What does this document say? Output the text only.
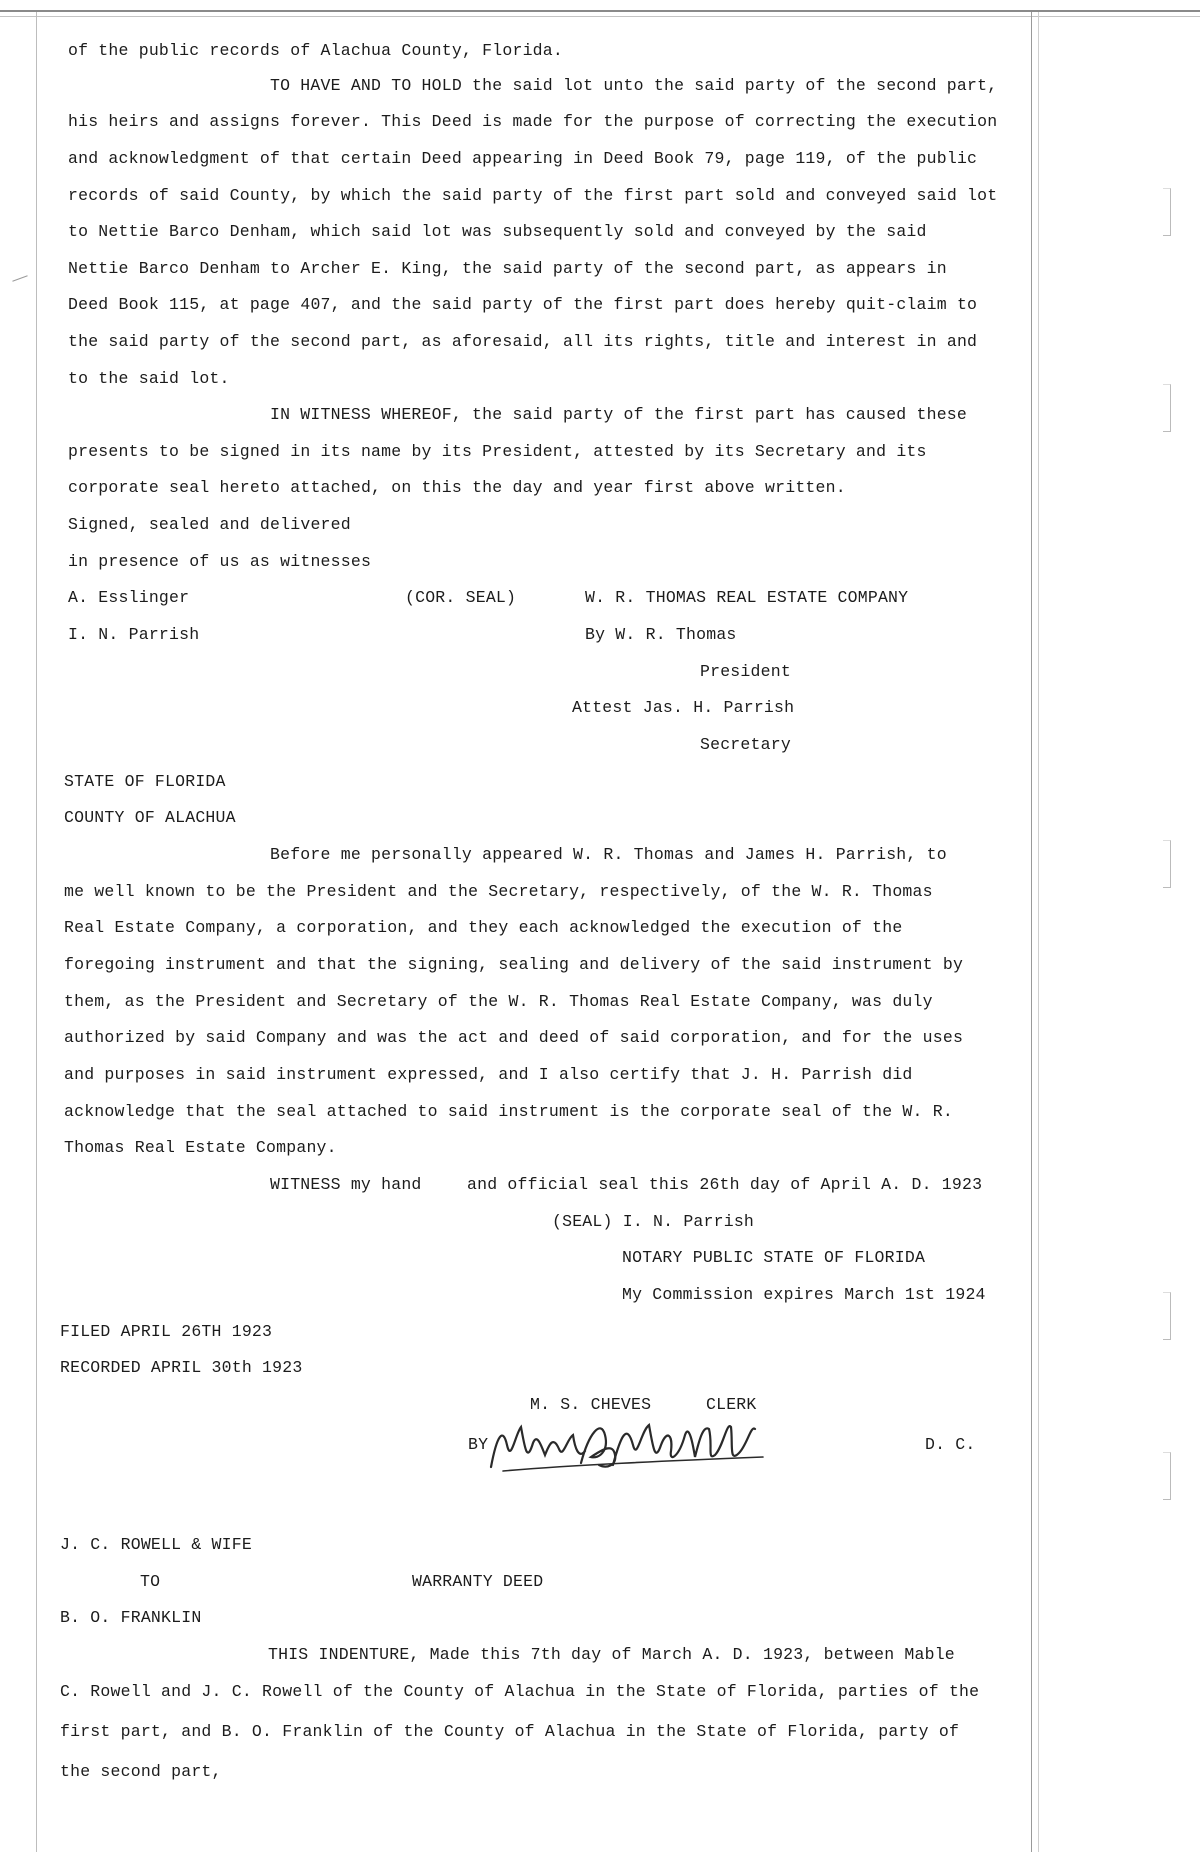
of the public records of Alachua County, Florida.
TO HAVE AND TO HOLD the said lot unto the said party of the second part,
his heirs and assigns forever. This Deed is made for the purpose of correcting the execution
and acknowledgment of that certain Deed appearing in Deed Book 79, page 119, of the public
records of said County, by which the said party of the first part sold and conveyed said lot
to Nettie Barco Denham, which said lot was subsequently sold and conveyed by the said
Nettie Barco Denham to Archer E. King, the said party of the second part, as appears in
Deed Book 115, at page 407, and the said party of the first part does hereby quit-claim to
the said party of the second part, as aforesaid, all its rights, title and interest in and
to the said lot.
IN WITNESS WHEREOF, the said party of the first part has caused these
presents to be signed in its name by its President, attested by its Secretary and its
corporate seal hereto attached, on this the day and year first above written.
Signed, sealed and delivered
in presence of us as witnesses
A. Esslinger	(COR. SEAL)	W. R. THOMAS REAL ESTATE COMPANY
I. N. Parrish	By W. R. Thomas
President
Attest Jas. H. Parrish
Secretary
STATE OF FLORIDA
COUNTY OF ALACHUA
Before me personally appeared W. R. Thomas and James H. Parrish, to
me well known to be the President and the Secretary, respectively, of the W. R. Thomas
Real Estate Company, a corporation, and they each acknowledged the execution of the
foregoing instrument and that the signing, sealing and delivery of the said instrument by
them, as the President and Secretary of the W. R. Thomas Real Estate Company, was duly
authorized by said Company and was the act and deed of said corporation, and for the uses
and purposes in said instrument expressed, and I also certify that J. H. Parrish did
acknowledge that the seal attached to said instrument is the corporate seal of the W. R.
Thomas Real Estate Company.
WITNESS my hand	and official seal this 26th day of April A. D. 1923
(SEAL) I. N. Parrish
NOTARY PUBLIC STATE OF FLORIDA
My Commission expires March 1st 1924
FILED APRIL 26TH 1923
RECORDED APRIL 30th 1923
M. S. CHEVES	CLERK
BY	D. C.
J. C. ROWELL & WIFE
TO	WARRANTY DEED
B. O. FRANKLIN
THIS INDENTURE, Made this 7th day of March A. D. 1923, between Mable
C. Rowell and J. C. Rowell of the County of Alachua in the State of Florida, parties of the
first part, and B. O. Franklin of the County of Alachua in the State of Florida, party of
the second part,
